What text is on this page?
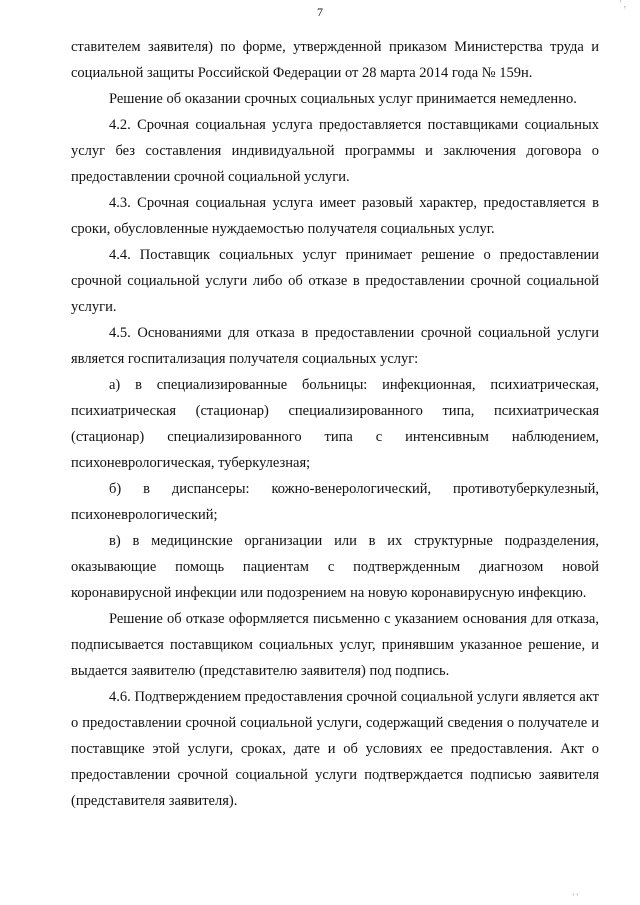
7
' ,

ставителем заявителя) по форме, утвержденной приказом Министерства труда и социальной защиты Российской Федерации от 28 марта 2014 года № 159н.

Решение об оказании срочных социальных услуг принимается немедленно.

4.2. Срочная социальная услуга предоставляется поставщиками социальных услуг без составления индивидуальной программы и заключения договора о предоставлении срочной социальной услуги.

4.3. Срочная социальная услуга имеет разовый характер, предоставляется в сроки, обусловленные нуждаемостью получателя социальных услуг.

4.4. Поставщик социальных услуг принимает решение о предоставлении срочной социальной услуги либо об отказе в предоставлении срочной социальной услуги.

4.5. Основаниями для отказа в предоставлении срочной социальной услуги является госпитализация получателя социальных услуг:

а) в специализированные больницы: инфекционная, психиатрическая, психиатрическая (стационар) специализированного типа, психиатрическая (стационар) специализированного типа с интенсивным наблюдением, психоневрологическая, туберкулезная;

б) в диспансеры: кожно-венерологический, противотуберкулезный, психоневрологический;

в) в медицинские организации или в их структурные подразделения, оказывающие помощь пациентам с подтвержденным диагнозом новой коронавирусной инфекции или подозрением на новую коронавирусную инфекцию.

Решение об отказе оформляется письменно с указанием основания для отказа, подписывается поставщиком социальных услуг, принявшим указанное решение, и выдается заявителю (представителю заявителя) под подпись.

4.6. Подтверждением предоставления срочной социальной услуги является акт о предоставлении срочной социальной услуги, содержащий сведения о получателе и поставщике этой услуги, сроках, дате и об условиях ее предоставления. Акт о предоставлении срочной социальной услуги подтверждается подписью заявителя (представителя заявителя).

' '
